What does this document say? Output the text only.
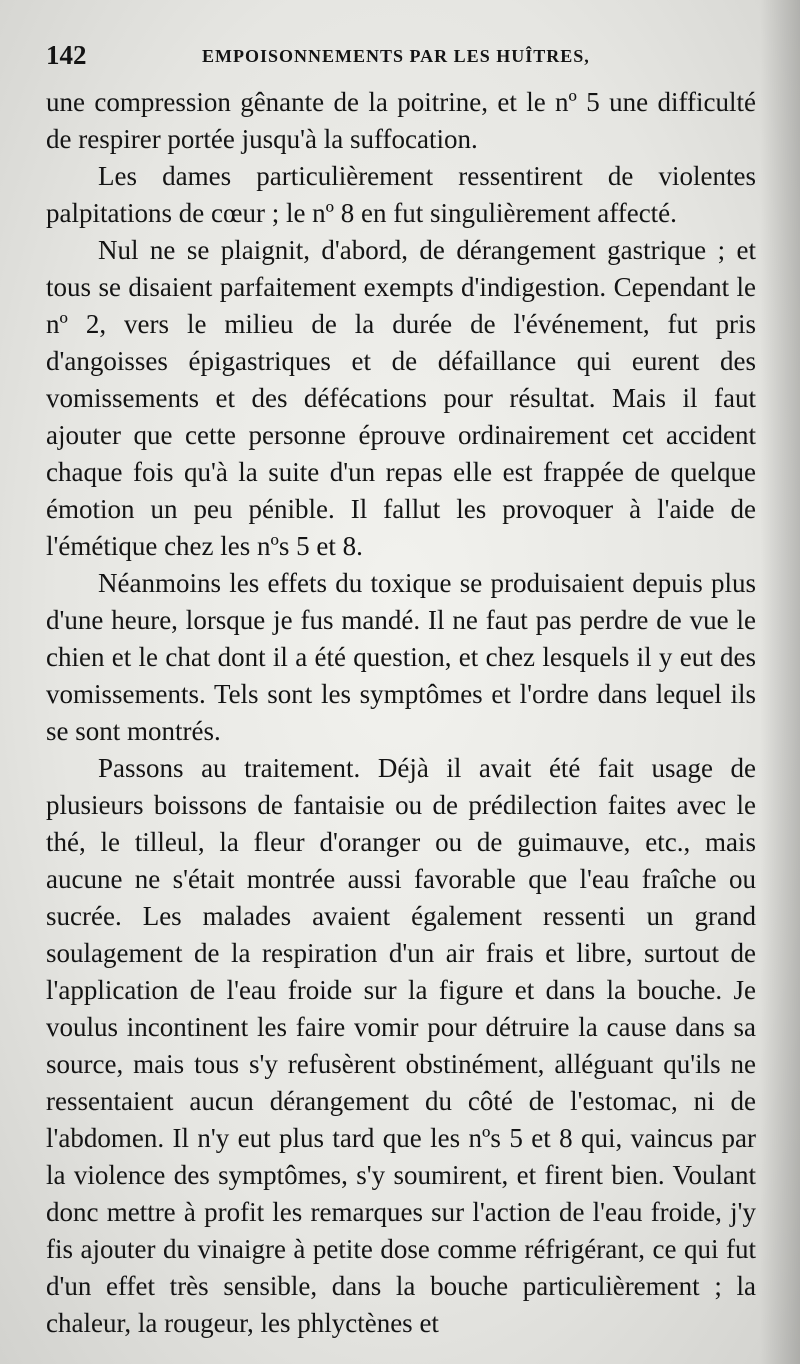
142	EMPOISONNEMENTS PAR LES HUÎTRES,

une compression gênante de la poitrine, et le nº 5 une difficulté de respirer portée jusqu'à la suffocation.

Les dames particulièrement ressentirent de violentes palpitations de cœur ; le nº 8 en fut singulièrement affecté.

Nul ne se plaignit, d'abord, de dérangement gastrique ; et tous se disaient parfaitement exempts d'indigestion. Cependant le nº 2, vers le milieu de la durée de l'événement, fut pris d'angoisses épigastriques et de défaillance qui eurent des vomissements et des défécations pour résultat. Mais il faut ajouter que cette personne éprouve ordinairement cet accident chaque fois qu'à la suite d'un repas elle est frappée de quelque émotion un peu pénible. Il fallut les provoquer à l'aide de l'émétique chez les nºs 5 et 8.

Néanmoins les effets du toxique se produisaient depuis plus d'une heure, lorsque je fus mandé. Il ne faut pas perdre de vue le chien et le chat dont il a été question, et chez lesquels il y eut des vomissements. Tels sont les symptômes et l'ordre dans lequel ils se sont montrés.

Passons au traitement. Déjà il avait été fait usage de plusieurs boissons de fantaisie ou de prédilection faites avec le thé, le tilleul, la fleur d'oranger ou de guimauve, etc., mais aucune ne s'était montrée aussi favorable que l'eau fraîche ou sucrée. Les malades avaient également ressenti un grand soulagement de la respiration d'un air frais et libre, surtout de l'application de l'eau froide sur la figure et dans la bouche. Je voulus incontinent les faire vomir pour détruire la cause dans sa source, mais tous s'y refusèrent obstinément, alléguant qu'ils ne ressentaient aucun dérangement du côté de l'estomac, ni de l'abdomen. Il n'y eut plus tard que les nºs 5 et 8 qui, vaincus par la violence des symptômes, s'y soumirent, et firent bien. Voulant donc mettre à profit les remarques sur l'action de l'eau froide, j'y fis ajouter du vinaigre à petite dose comme réfrigérant, ce qui fut d'un effet très sensible, dans la bouche particulièrement ; la chaleur, la rougeur, les phlyctènes et
